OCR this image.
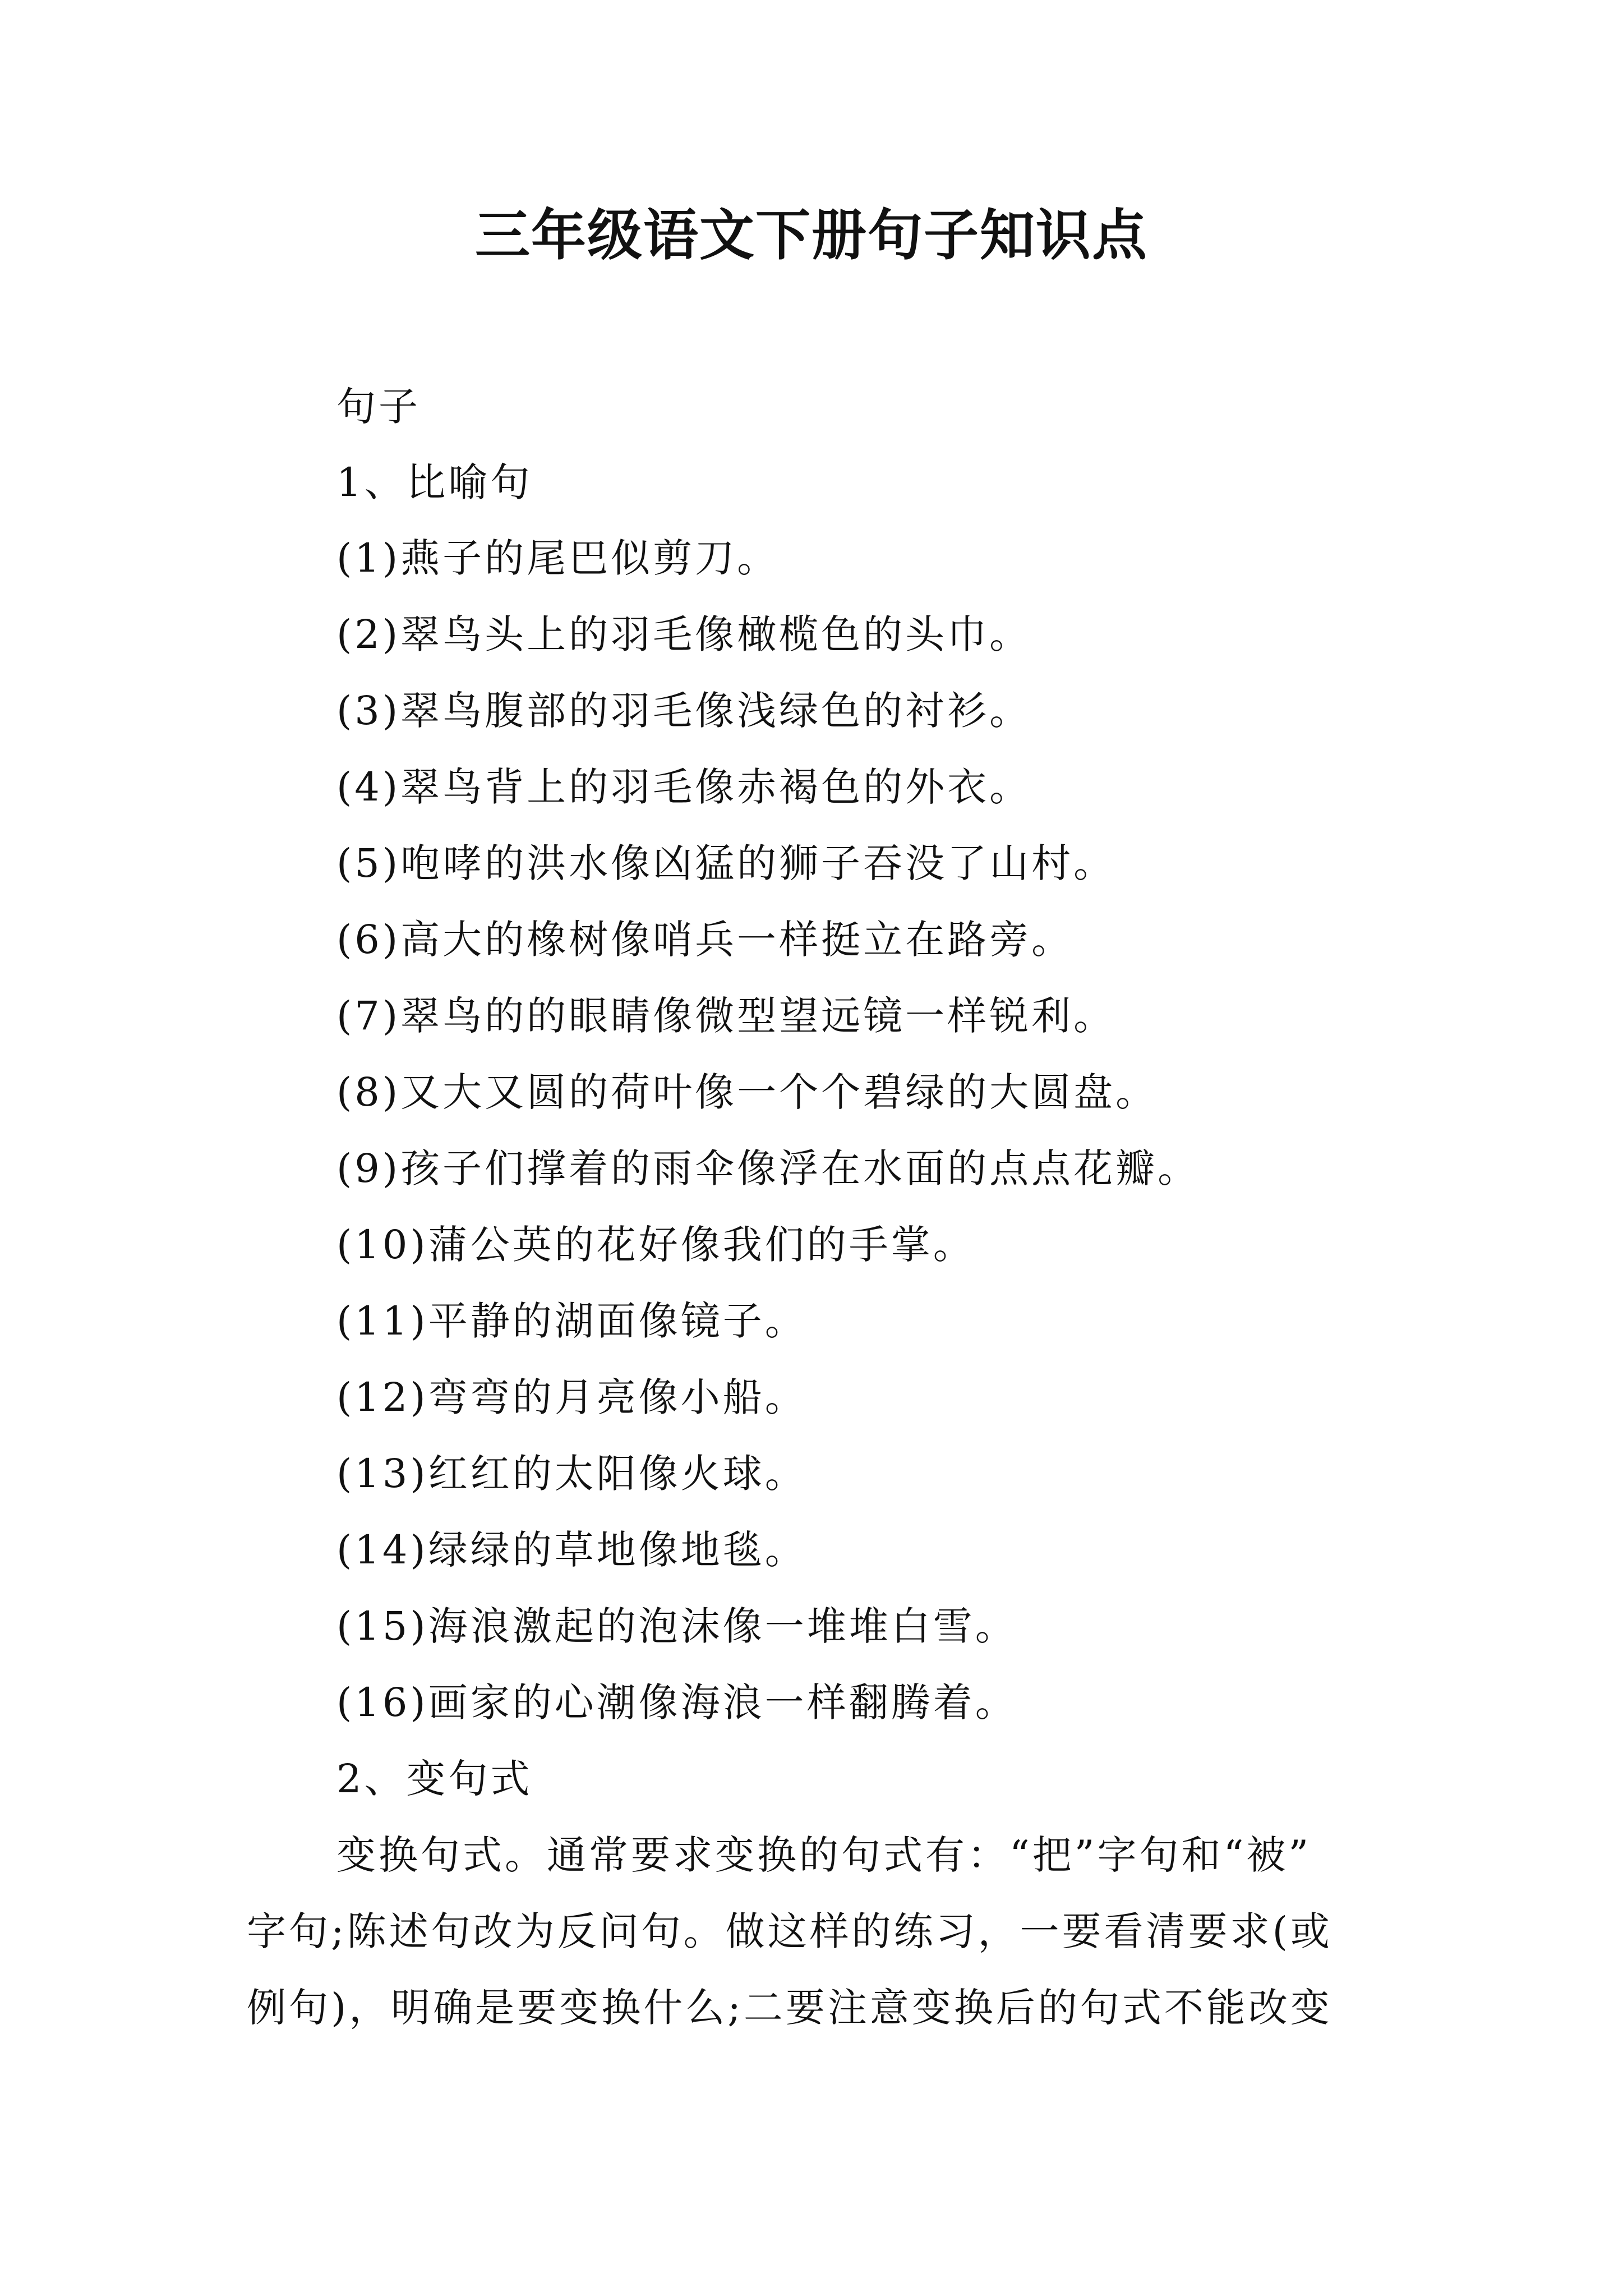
三年级语文下册句子知识点
句子
1、比喻句
(1)燕子的尾巴似剪刀。
(2)翠鸟头上的羽毛像橄榄色的头巾。
(3)翠鸟腹部的羽毛像浅绿色的衬衫。
(4)翠鸟背上的羽毛像赤褐色的外衣。
(5)咆哮的洪水像凶猛的狮子吞没了山村。
(6)高大的橡树像哨兵一样挺立在路旁。
(7)翠鸟的的眼睛像微型望远镜一样锐利。
(8)又大又圆的荷叶像一个个碧绿的大圆盘。
(9)孩子们撑着的雨伞像浮在水面的点点花瓣。
(10)蒲公英的花好像我们的手掌。
(11)平静的湖面像镜子。
(12)弯弯的月亮像小船。
(13)红红的太阳像火球。
(14)绿绿的草地像地毯。
(15)海浪激起的泡沫像一堆堆白雪。
(16)画家的心潮像海浪一样翻腾着。
2、变句式
变换句式。通常要求变换的句式有：“把”字句和“被”
字句;陈述句改为反问句。做这样的练习，一要看清要求(或
例句)，明确是要变换什么;二要注意变换后的句式不能改变
